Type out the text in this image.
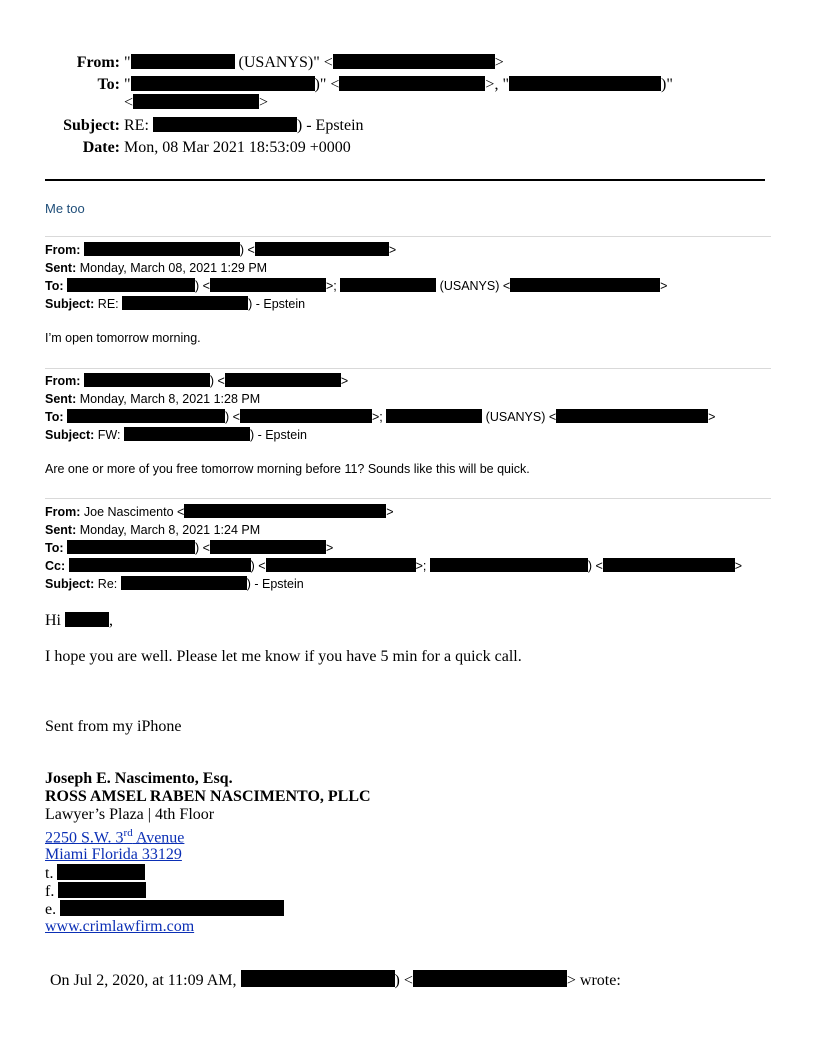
From: "	(USANYS)" <	>
To: "	)" <	>, "	)"
<	>
Subject: RE:	) - Epstein
Date: Mon, 08 Mar 2021 18:53:09 +0000
Me too
From:	) <	>
Sent: Monday, March 08, 2021 1:29 PM
To:	) <	>;	(USANYS) <	>
Subject: RE:	) - Epstein
I’m open tomorrow morning.
From:	) <	>
Sent: Monday, March 8, 2021 1:28 PM
To:	) <	>;	(USANYS) <	>
Subject: FW:	) - Epstein
Are one or more of you free tomorrow morning before 11? Sounds like this will be quick.
From: Joe Nascimento <	>
Sent: Monday, March 8, 2021 1:24 PM
To:	) <	>
Cc:	) <	>;	) <	>
Subject: Re:	) - Epstein
Hi	,
I hope you are well. Please let me know if you have 5 min for a quick call.
Sent from my iPhone
Joseph E. Nascimento, Esq.
ROSS AMSEL RABEN NASCIMENTO, PLLC
Lawyer’s Plaza | 4th Floor
2250 S.W. 3rd Avenue
Miami Florida 33129
t.
f.
e.
www.crimlawfirm.com
On Jul 2, 2020, at 11:09 AM,	) <	> wrote:
